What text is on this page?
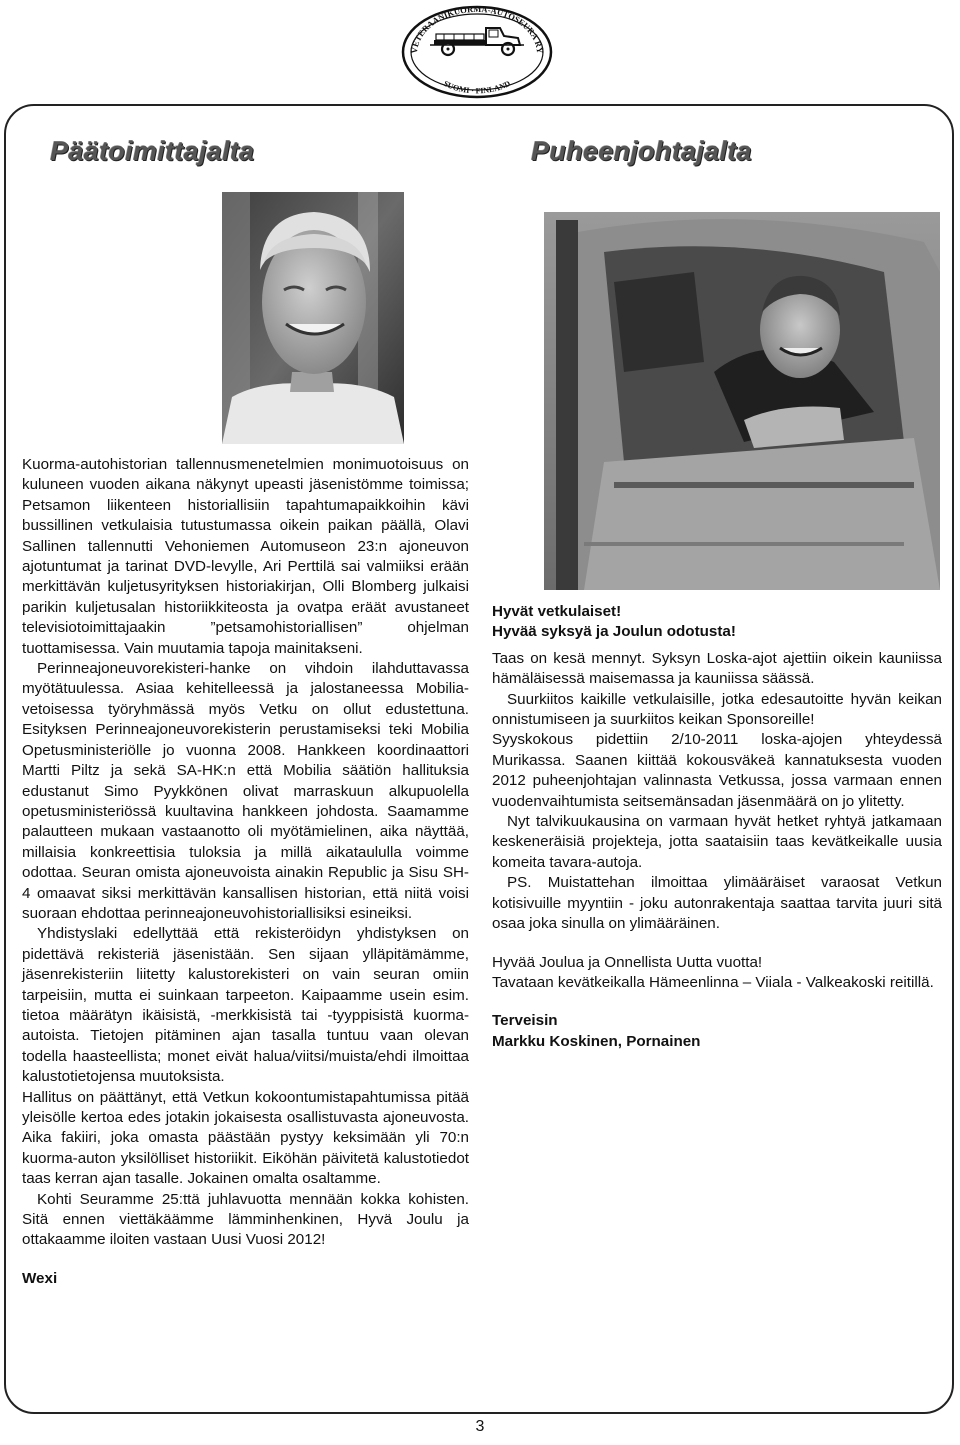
VETERAANIKUORMA-AUTOSEURA RY
SUOMI · FINLAND
Päätoimittajalta	Puheenjohtajalta

Kuorma-autohistorian tallennusmenetelmien monimuotoisuus on kuluneen vuoden aikana näkynyt upeasti jäsenistömme toimissa; Petsamon liikenteen historiallisiin tapahtumapaikkoihin kävi bussillinen vetkulaisia tutustumassa oikein paikan päällä, Olavi Sallinen tallennutti Vehoniemen Automuseon 23:n ajoneuvon ajotuntumat ja tarinat DVD-levylle, Ari Perttilä sai valmiiksi erään merkittävän kuljetusyrityksen historiakirjan, Olli Blomberg julkaisi parikin kuljetusalan historiikkiteosta ja ovatpa eräät avustaneet televisiotoimittajaakin ”petsamohistoriallisen” ohjelman tuottamisessa. Vain muutamia tapoja mainitakseni.

Perinneajoneuvorekisteri-hanke on vihdoin ilahduttavassa myötätuulessa. Asiaa kehitelleessä ja jalostaneessa Mobilia-vetoisessa työryhmässä myös Vetku on ollut edustettuna. Esityksen Perinneajoneuvorekisterin perustamiseksi teki Mobilia Opetusministeriölle jo vuonna 2008. Hankkeen koordinaattori Martti Piltz ja sekä SA-HK:n että Mobilia säätiön hallituksia edustanut Simo Pyykkönen olivat marraskuun alkupuolella opetusministeriössä kuultavina hankkeen johdosta. Saamamme palautteen mukaan vastaanotto oli myötämielinen, aika näyttää, millaisia konkreettisia tuloksia ja millä aikataululla voimme odottaa. Seuran omista ajoneuvoista ainakin Republic ja Sisu SH-4 omaavat siksi merkittävän kansallisen historian, että niitä voisi suoraan ehdottaa perinneajoneuvohistoriallisiksi esineiksi.

Yhdistyslaki edellyttää että rekisteröidyn yhdistyksen on pidettävä rekisteriä jäsenistään. Sen sijaan ylläpitämämme, jäsenrekisteriin liitetty kalustorekisteri on vain seuran omiin tarpeisiin, mutta ei suinkaan tarpeeton. Kaipaamme usein esim. tietoa määrätyn ikäisistä, -merkkisistä tai -tyyppisistä kuorma-autoista. Tietojen pitäminen ajan tasalla tuntuu vaan olevan todella haasteellista; monet eivät halua/viitsi/muista/ehdi ilmoittaa kalustotietojensa muutoksista.

Hallitus on päättänyt, että Vetkun kokoontumistapahtumissa pitää yleisölle kertoa edes jotakin jokaisesta osallistuvasta ajoneuvosta. Aika fakiiri, joka omasta päästään pystyy keksimään yli 70:n kuorma-auton yksilölliset historiikit. Eiköhän päivitetä kalustotiedot taas kerran ajan tasalle. Jokainen omalta osaltamme.

Kohti Seuramme 25:ttä juhlavuotta mennään kokka kohisten. Sitä ennen viettäkäämme lämminhenkinen, Hyvä Joulu ja ottakaamme iloiten vastaan Uusi Vuosi 2012!

Wexi

Hyvät vetkulaiset!

Hyvää syksyä ja Joulun odotusta!

Taas on kesä mennyt. Syksyn Loska-ajot ajettiin oikein kauniissa hämäläisessä maisemassa ja kauniissa säässä.

Suurkiitos kaikille vetkulaisille, jotka edesautoitte hyvän keikan onnistumiseen ja suurkiitos keikan Sponsoreille!

Syyskokous pidettiin 2/10-2011 loska-ajojen yhteydessä Murikassa. Saanen kiittää kokousväkeä kannatuksesta vuoden 2012 puheenjohtajan valinnasta Vetkussa, jossa varmaan ennen vuodenvaihtumista seitsemänsadan jäsenmäärä on jo ylitetty.

Nyt talvikuukausina on varmaan hyvät hetket ryhtyä jatkamaan keskeneräisiä projekteja, jotta saataisiin taas kevätkeikalle uusia komeita tavara-autoja.

PS. Muistattehan ilmoittaa ylimääräiset varaosat Vetkun kotisivuille myyntiin - joku autonrakentaja saattaa tarvita juuri sitä osaa joka sinulla on ylimääräinen.

Hyvää Joulua ja Onnellista Uutta vuotta!

Tavataan kevätkeikalla Hämeenlinna – Viiala - Valkeakoski reitillä.

Terveisin

Markku Koskinen, Pornainen

3
